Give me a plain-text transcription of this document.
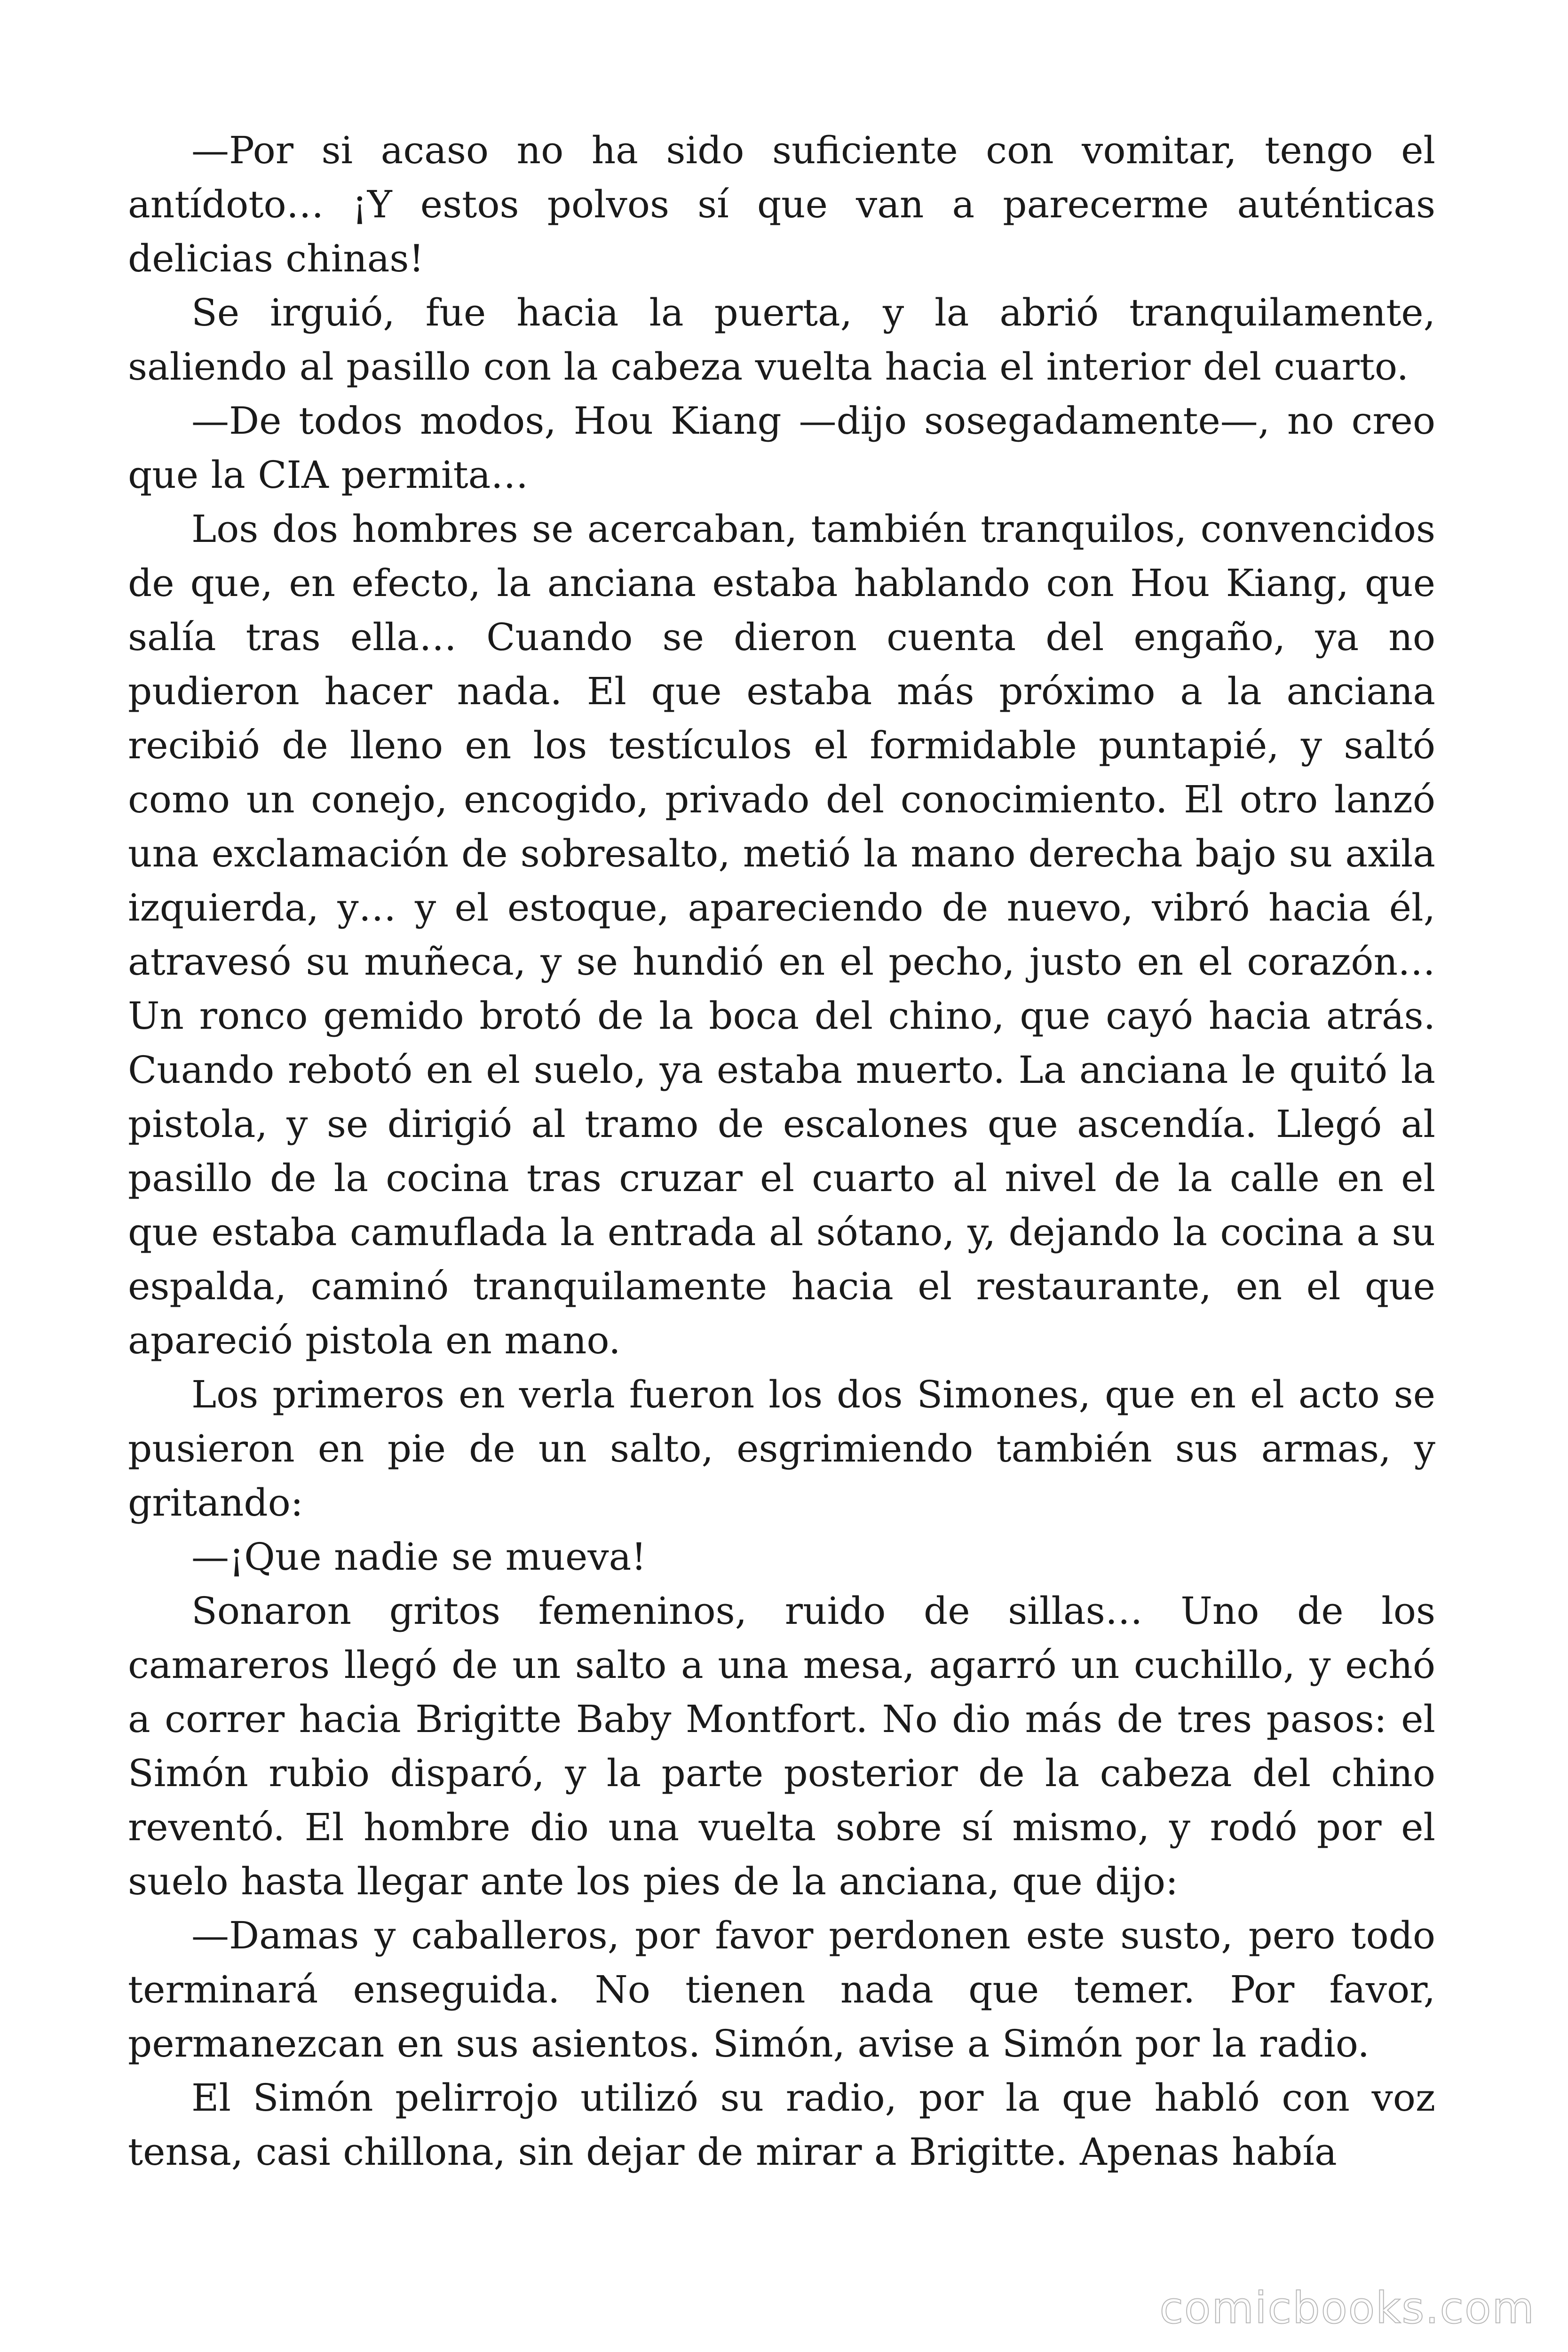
—Por si acaso no ha sido suficiente con vomitar, tengo el antídoto… ¡Y estos polvos sí que van a parecerme auténticas delicias chinas!

Se irguió, fue hacia la puerta, y la abrió tranquilamente, saliendo al pasillo con la cabeza vuelta hacia el interior del cuarto.

—De todos modos, Hou Kiang —dijo sosegadamente—, no creo que la CIA permita…

Los dos hombres se acercaban, también tranquilos, convencidos de que, en efecto, la anciana estaba hablando con Hou Kiang, que salía tras ella… Cuando se dieron cuenta del engaño, ya no pudieron hacer nada. El que estaba más próximo a la anciana recibió de lleno en los testículos el formidable puntapié, y saltó como un conejo, encogido, privado del conocimiento. El otro lanzó una exclamación de sobresalto, metió la mano derecha bajo su axila izquierda, y… y el estoque, apareciendo de nuevo, vibró hacia él, atravesó su muñeca, y se hundió en el pecho, justo en el corazón… Un ronco gemido brotó de la boca del chino, que cayó hacia atrás. Cuando rebotó en el suelo, ya estaba muerto. La anciana le quitó la pistola, y se dirigió al tramo de escalones que ascendía. Llegó al pasillo de la cocina tras cruzar el cuarto al nivel de la calle en el que estaba camuflada la entrada al sótano, y, dejando la cocina a su espalda, caminó tranquilamente hacia el restaurante, en el que apareció pistola en mano.

Los primeros en verla fueron los dos Simones, que en el acto se pusieron en pie de un salto, esgrimiendo también sus armas, y gritando:

—¡Que nadie se mueva!

Sonaron gritos femeninos, ruido de sillas… Uno de los camareros llegó de un salto a una mesa, agarró un cuchillo, y echó a correr hacia Brigitte Baby Montfort. No dio más de tres pasos: el Simón rubio disparó, y la parte posterior de la cabeza del chino reventó. El hombre dio una vuelta sobre sí mismo, y rodó por el suelo hasta llegar ante los pies de la anciana, que dijo:

—Damas y caballeros, por favor perdonen este susto, pero todo terminará enseguida. No tienen nada que temer. Por favor, permanezcan en sus asientos. Simón, avise a Simón por la radio.

El Simón pelirrojo utilizó su radio, por la que habló con voz tensa, casi chillona, sin dejar de mirar a Brigitte. Apenas había

comicbooks.com
